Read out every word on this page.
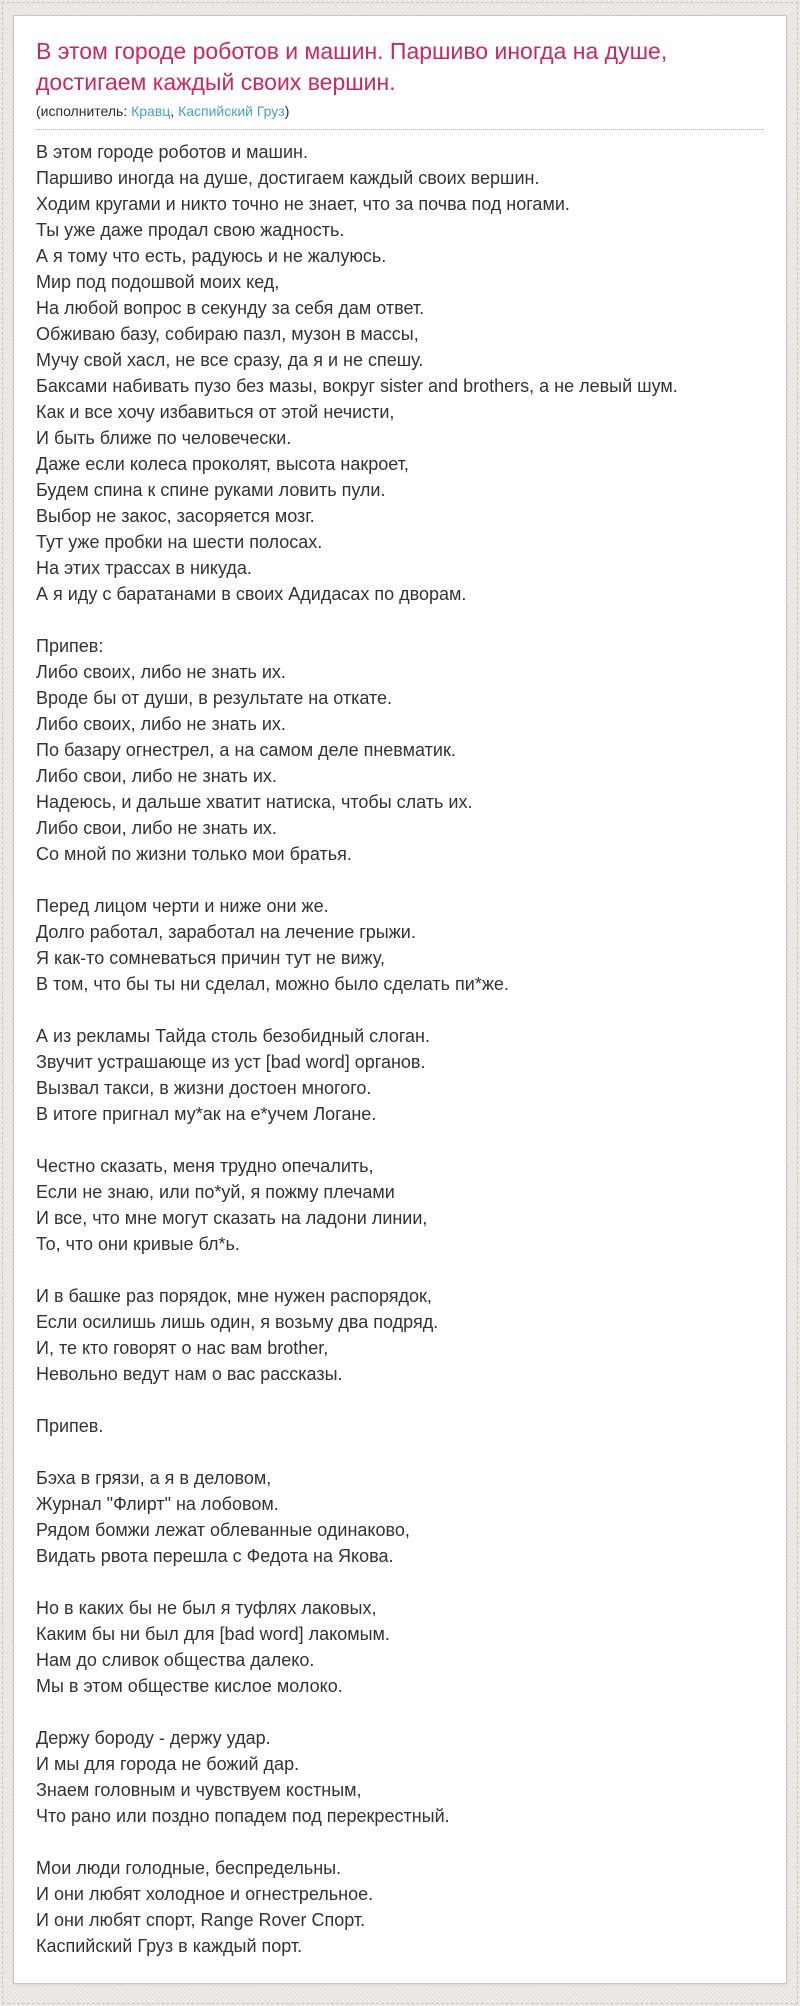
В этом городе роботов и машин. Паршиво иногда на душе, достигаем каждый своих вершин.
(исполнитель: Кравц, Каспийский Груз)
В этом городе роботов и машин.
Паршиво иногда на душе, достигаем каждый своих вершин.
Ходим кругами и никто точно не знает, что за почва под ногами.
Ты уже даже продал свою жадность.
А я тому что есть, радуюсь и не жалуюсь.
Мир под подошвой моих кед,
На любой вопрос в секунду за себя дам ответ.
Обживаю базу, собираю пазл, музон в массы,
Мучу свой хасл, не все сразу, да я и не спешу.
Баксами набивать пузо без мазы, вокруг sister and brothers, а не левый шум.
Как и все хочу избавиться от этой нечисти,
И быть ближе по человечески.
Даже если колеса проколят, высота накроет,
Будем спина к спине руками ловить пули.
Выбор не закос, засоряется мозг.
Тут уже пробки на шести полосах.
На этих трассах в никуда.
А я иду с баратанами в своих Адидасах по дворам.

Припев:
Либо своих, либо не знать их.
Вроде бы от души, в результате на откате.
Либо своих, либо не знать их.
По базару огнестрел, а на самом деле пневматик.
Либо свои, либо не знать их.
Надеюсь, и дальше хватит натиска, чтобы слать их.
Либо свои, либо не знать их.
Со мной по жизни только мои братья.

Перед лицом черти и ниже они же.
Долго работал, заработал на лечение грыжи.
Я как-то сомневаться причин тут не вижу,
В том, что бы ты ни сделал, можно было сделать пи*же.

А из рекламы Тайда столь безобидный слоган.
Звучит устрашающе из уст [bad word] органов.
Вызвал такси, в жизни достоен многого.
В итоге пригнал му*ак на е*учем Логане.

Честно сказать, меня трудно опечалить,
Если не знаю, или по*уй, я пожму плечами
И все, что мне могут сказать на ладони линии,
То, что они кривые бл*ь.

И в башке раз порядок, мне нужен распорядок,
Если осилишь лишь один, я возьму два подряд.
И, те кто говорят о нас вам brother,
Невольно ведут нам о вас рассказы.

Припев.

Бэха в грязи, а я в деловом,
Журнал "Флирт" на лобовом.
Рядом бомжи лежат облеванные одинаково,
Видать рвота перешла с Федота на Якова.

Но в каких бы не был я туфлях лаковых,
Каким бы ни был для [bad word] лакомым.
Нам до сливок общества далеко.
Мы в этом обществе кислое молоко.

Держу бороду - держу удар.
И мы для города не божий дар.
Знаем головным и чувствуем костным,
Что рано или поздно попадем под перекрестный.

Мои люди голодные, беспредельны.
И они любят холодное и огнестрельное.
И они любят спорт, Range Rover Спорт.
Каспийский Груз в каждый порт.
